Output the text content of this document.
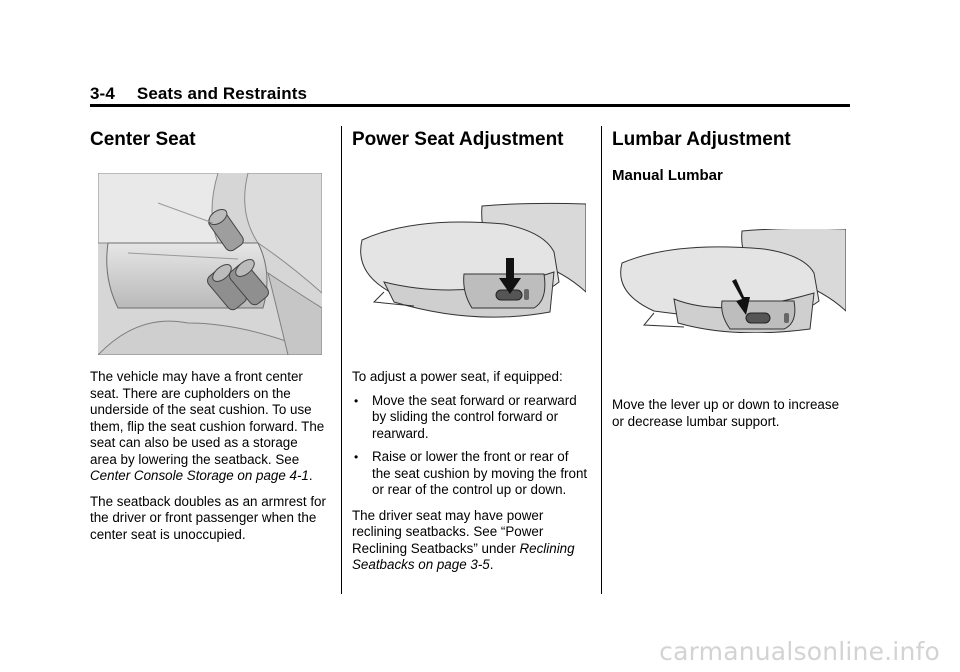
3-4 Seats and Restraints
Center Seat

The vehicle may have a front center seat. There are cupholders on the underside of the seat cushion. To use them, flip the seat cushion forward. The seat can also be used as a storage area by lowering the seatback. See Center Console Storage on page 4-1.

The seatback doubles as an armrest for the driver or front passenger when the center seat is unoccupied.

Power Seat Adjustment

To adjust a power seat, if equipped:

• Move the seat forward or rearward by sliding the control forward or rearward.
• Raise or lower the front or rear of the seat cushion by moving the front or rear of the control up or down.

The driver seat may have power reclining seatbacks. See “Power Reclining Seatbacks” under Reclining Seatbacks on page 3-5.

Lumbar Adjustment
Manual Lumbar

Move the lever up or down to increase or decrease lumbar support.

carmanualsonline.info
